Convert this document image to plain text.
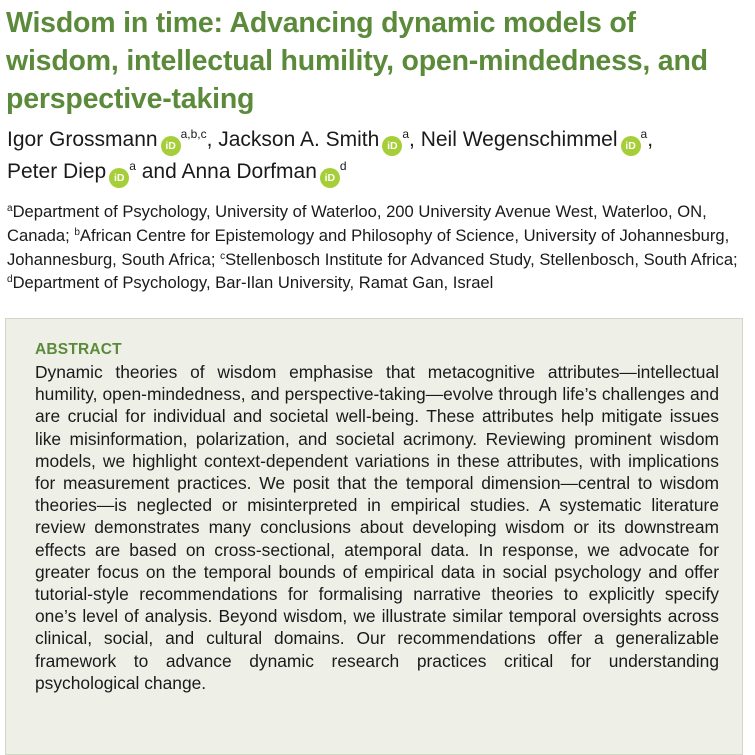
Wisdom in time: Advancing dynamic models of wisdom, intellectual humility, open-mindedness, and perspective-taking
Igor Grossmann iD$^{a,b,c}$, Jackson A. Smith $iD^a$, Neil Wegenschimmel $iD^a$,
Peter Diep $iD^a$ and Anna Dorfman $iD^d$
$^a$Department of Psychology, University of Waterloo, 200 University Avenue West, Waterloo, ON, Canada; $^b$African Centre for Epistemology and Philosophy of Science, University of Johannesburg, Johannesburg, South Africa; $^c$Stellenbosch Institute for Advanced Study, Stellenbosch, South Africa; $^d$Department of Psychology, Bar-Ilan University, Ramat Gan, Israel
ABSTRACT
Dynamic theories of wisdom emphasise that metacognitive attributes—intellectual humility, open-mindedness, and perspective-taking—evolve through life’s challenges and are crucial for individual and societal well-being. These attributes help mitigate issues like misinformation, polarization, and societal acrimony. Reviewing prominent wisdom models, we highlight context-dependent variations in these attributes, with implications for measurement practices. We posit that the temporal dimension—central to wisdom theories—is neglected or misinterpreted in empirical studies. A systematic literature review demonstrates many conclusions about developing wisdom or its downstream effects are based on cross-sectional, atemporal data. In response, we advocate for greater focus on the temporal bounds of empirical data in social psychology and offer tutorial-style recommendations for formalising narrative theories to explicitly specify one’s level of analysis. Beyond wisdom, we illustrate similar temporal oversights across clinical, social, and cultural domains. Our recommendations offer a generalizable framework to advance dynamic research practices critical for understanding psychological change.
